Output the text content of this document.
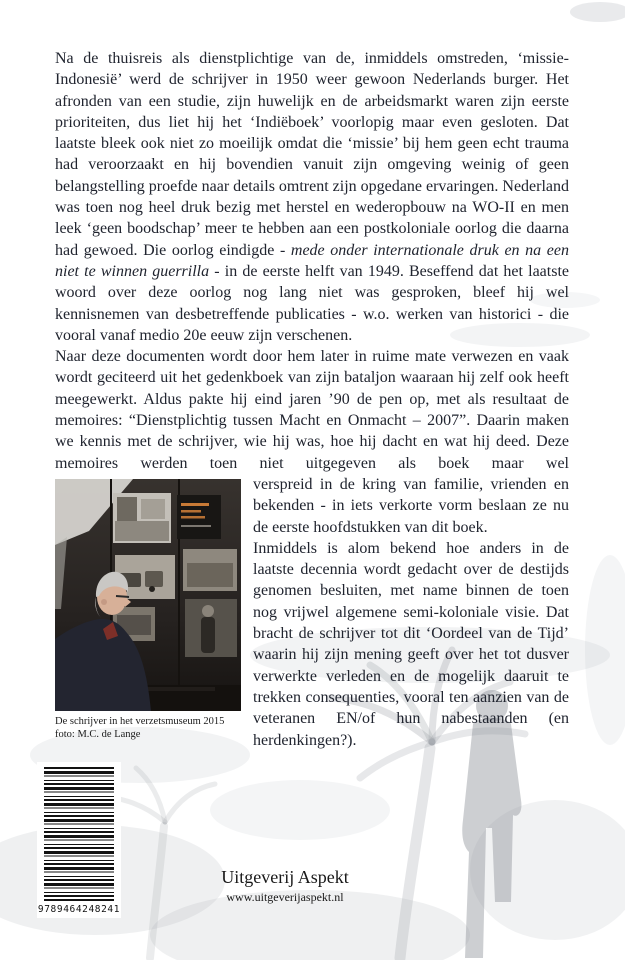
Na de thuisreis als dienstplichtige van de, inmiddels omstreden, ‘missie-Indonesië’ werd de schrijver in 1950 weer gewoon Nederlands burger. Het afronden van een studie, zijn huwelijk en de arbeidsmarkt waren zijn eerste prioriteiten, dus liet hij het ‘Indiëboek’ voorlopig maar even gesloten. Dat laatste bleek ook niet zo moeilijk omdat die ‘missie’ bij hem geen echt trauma had veroorzaakt en hij bovendien vanuit zijn omgeving weinig of geen belangstelling proefde naar details omtrent zijn opgedane ervaringen. Nederland was toen nog heel druk bezig met herstel en wederopbouw na WO-II en men leek ‘geen boodschap’ meer te hebben aan een postkoloniale oorlog die daarna had gewoed. Die oorlog eindigde - mede onder internationale druk en na een niet te winnen guerrilla - in de eerste helft van 1949. Beseffend dat het laatste woord over deze oorlog nog lang niet was gesproken, bleef hij wel kennisnemen van desbetreffende publicaties - w.o. werken van historici - die vooral vanaf medio 20e eeuw zijn verschenen.

Naar deze documenten wordt door hem later in ruime mate verwezen en vaak wordt geciteerd uit het gedenkboek van zijn bataljon waaraan hij zelf ook heeft meegewerkt. Aldus pakte hij eind jaren ’90 de pen op, met als resultaat de memoires: “Dienstplichtig tussen Macht en Onmacht – 2007”. Daarin maken we kennis met de schrijver, wie hij was, hoe hij dacht en wat hij deed. Deze memoires werden toen niet uitgegeven als boek maar wel

De schrijver in het verzetsmuseum 2015
foto: M.C. de Lange

verspreid in de kring van familie, vrienden en bekenden - in iets verkorte vorm beslaan ze nu de eerste hoofdstukken van dit boek.

Inmiddels is alom bekend hoe anders in de laatste decennia wordt gedacht over de destijds genomen besluiten, met name binnen de toen nog vrijwel algemene semi-koloniale visie. Dat bracht de schrijver tot dit ‘Oordeel van de Tijd’ waarin hij zijn mening geeft over het tot dusver verwerkte verleden en de mogelijk daaruit te trekken consequenties, vooral ten aanzien van de veteranen EN/of hun nabestaanden (en herdenkingen?).

9789464248241
Uitgeverij Aspekt
www.uitgeverijaspekt.nl
